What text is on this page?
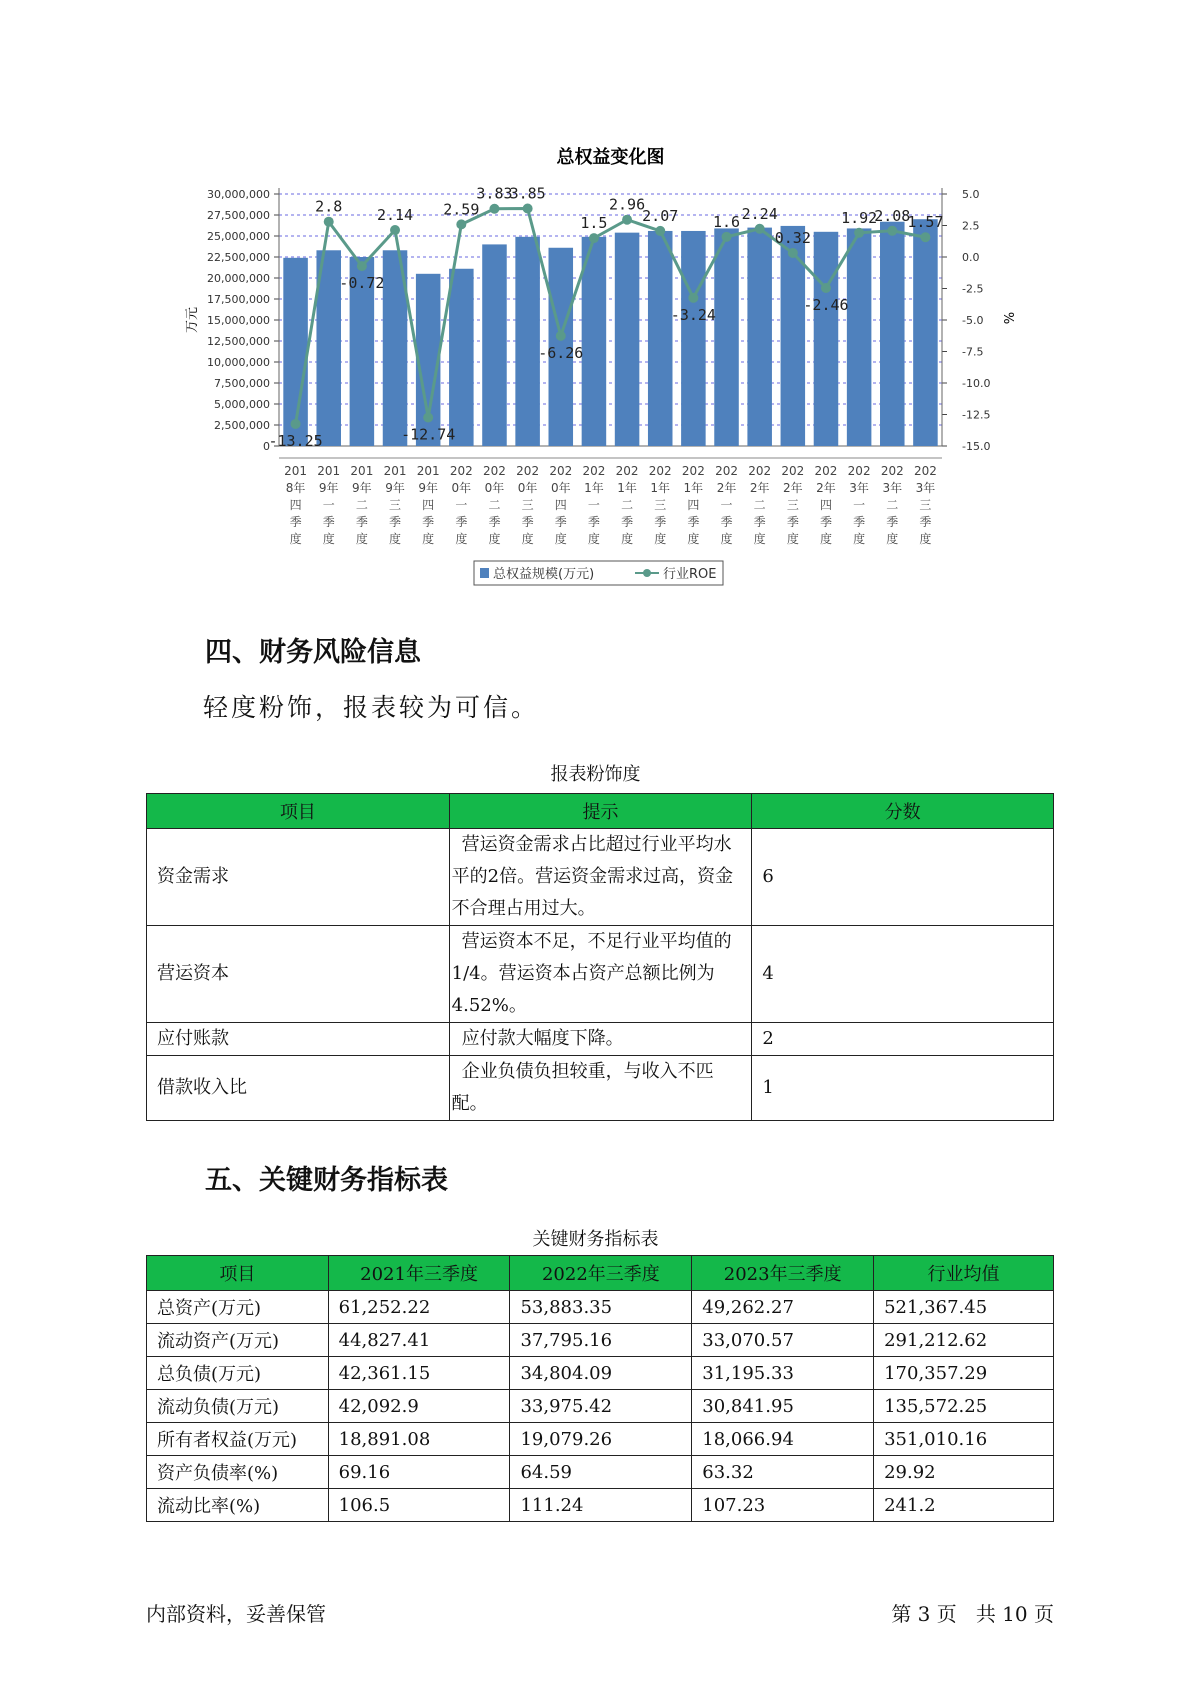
总权益变化图
0
2,500,000
5,000,000
7,500,000
10,000,000
12,500,000
15,000,000
17,500,000
20,000,000
22,500,000
25,000,000
27,500,000
30,000,000	5.0
2.5
0.0
-2.5
-5.0
-7.5
-10.0
-12.5
-15.0
万元	%
-13.25
2.8
-0.72
2.14
-12.74
2.59
3.83
3.85
-6.26
1.5
2.96
2.07
-3.24
1.6 2.24
0.32
-2.46
1.92
2.08
1.57
201
8年
四
季
度
201
9年
一
季
度
201
9年
二
季
度
201
9年
三
季
度
201
9年
四
季
度
202
0年
一
季
度
202
0年
二
季
度
202
0年
三
季
度
202
0年
四
季
度
202
1年
一
季
度
202
1年
二
季
度
202
1年
三
季
度
202
1年
四
季
度
202
2年
一
季
度
202
2年
二
季
度
202
2年
三
季
度
202
2年
四
季
度
202
3年
一
季
度
202
3年
二
季
度
202
3年
三
季
度
总权益规模(万元)	行业ROE
四、财务风险信息

轻度粉饰，报表较为可信。

报表粉饰度
项目	提示	分数
资金需求	营运资金需求占比超过行业平均水平的2倍。营运资金需求过高，资金不合理占用过大。	6
营运资本	营运资本不足，不足行业平均值的1/4。营运资本占资产总额比例为4.52%。	4
应付账款	应付款大幅度下降。	2
借款收入比	企业负债负担较重，与收入不匹配。	1
五、关键财务指标表
关键财务指标表
项目	2021年三季度	2022年三季度	2023年三季度	行业均值
总资产(万元)	61,252.22	53,883.35	49,262.27	521,367.45
流动资产(万元)	44,827.41	37,795.16	33,070.57	291,212.62
总负债(万元)	42,361.15	34,804.09	31,195.33	170,357.29
流动负债(万元)	42,092.9	33,975.42	30,841.95	135,572.25
所有者权益(万元)	18,891.08	19,079.26	18,066.94	351,010.16
资产负债率(%)	69.16	64.59	63.32	29.92
流动比率(%)	106.5	111.24	107.23	241.2
内部资料，妥善保管	第 3 页   共 10 页
